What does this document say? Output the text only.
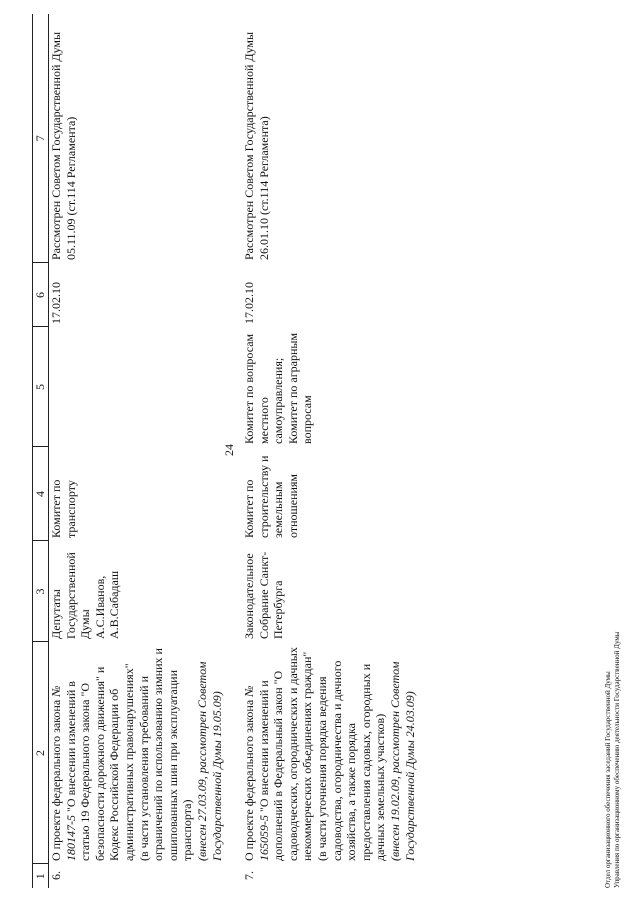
24
1	2	3	4	5	6	7
6.	О проекте федерального закона № 180147-5 "О внесении изменений в статью 19 Федерального закона "О безопасности дорожного движения" и Кодекс Российской Федерации об административных правонарушениях"
(в части установления требований и ограничений по использованию зимних и ошипованных шин при эксплуатации транспорта)
(внесен 27.03.09, рассмотрен Советом Государственной Думы 19.05.09)	Депутаты Государственной Думы А.С.Иванов, А.В.Сабадаш	Комитет по транспорту		17.02.10	Рассмотрен Советом Государственной Думы 05.11.09 (ст.114 Регламента)
7.	О проекте федерального закона № 165059-5 "О внесении изменений и дополнений в Федеральный закон "О садоводческих, огороднических и дачных некоммерческих объединениях граждан"
(в части уточнения порядка ведения садоводства, огородничества и дачного хозяйства, а также порядка предоставления садовых, огородных и дачных земельных участков)
(внесен 19.02.09, рассмотрен Советом Государственной Думы 24.03.09)	Законодательное Собрание Санкт-Петербурга	Комитет по строительству и земельным отношениям	Комитет по вопросам местного самоуправления; Комитет по аграрным вопросам	17.02.10	Рассмотрен Советом Государственной Думы 26.01.10 (ст.114 Регламента)
Отдел организационного обеспечения заседаний Государственной Думы Управления по организационному обеспечению деятельности Государственной Думы
